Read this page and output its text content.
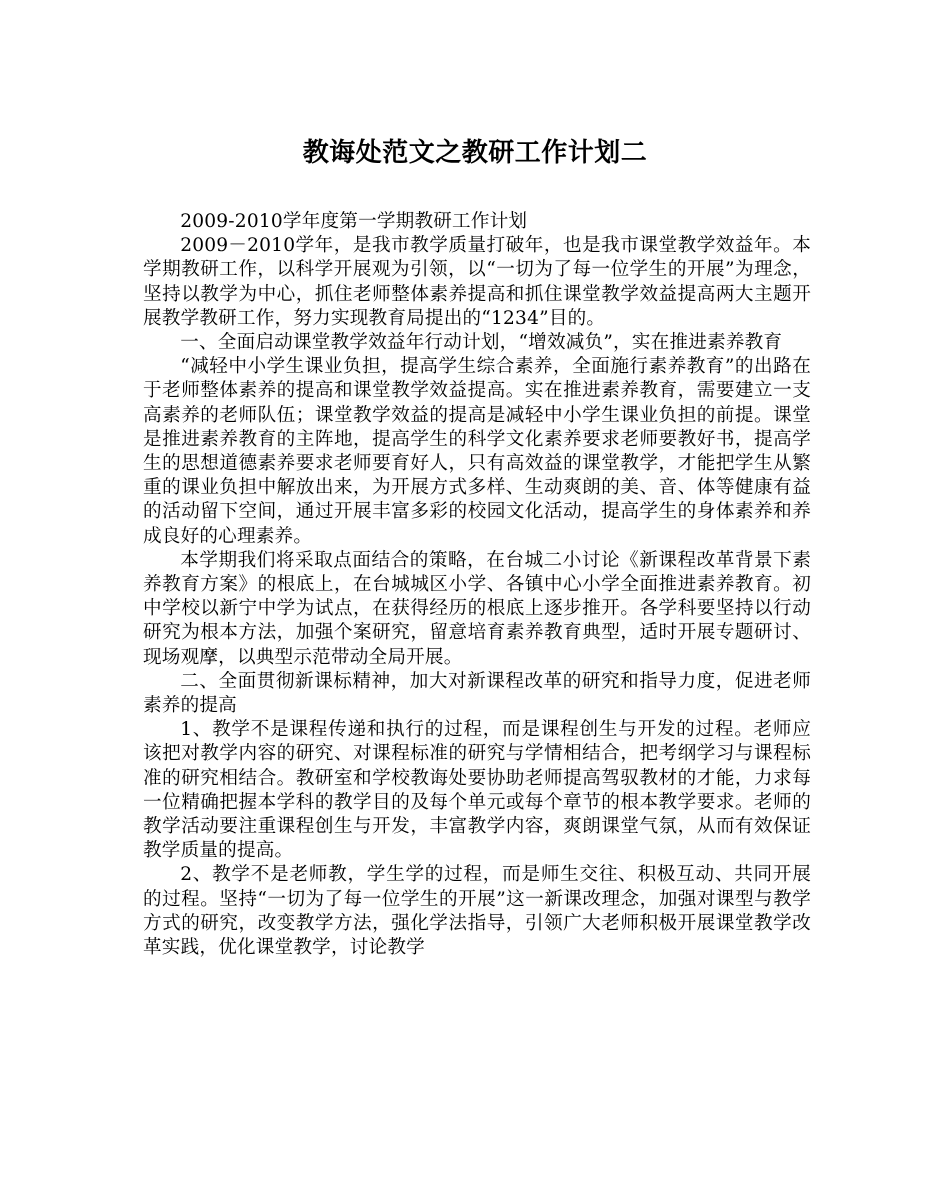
教诲处范文之教研工作计划二

2009-2010学年度第一学期教研工作计划

2009－2010学年，是我市教学质量打破年，也是我市课堂教学效益年。本学期教研工作，以科学开展观为引领，以“一切为了每一位学生的开展”为理念，坚持以教学为中心，抓住老师整体素养提高和抓住课堂教学效益提高两大主题开展教学教研工作，努力实现教育局提出的“1234”目的。

一、全面启动课堂教学效益年行动计划，“增效减负”，实在推进素养教育

“减轻中小学生课业负担，提高学生综合素养，全面施行素养教育”的出路在于老师整体素养的提高和课堂教学效益提高。实在推进素养教育，需要建立一支高素养的老师队伍；课堂教学效益的提高是减轻中小学生课业负担的前提。课堂是推进素养教育的主阵地，提高学生的科学文化素养要求老师要教好书，提高学生的思想道德素养要求老师要育好人，只有高效益的课堂教学，才能把学生从繁重的课业负担中解放出来，为开展方式多样、生动爽朗的美、音、体等健康有益的活动留下空间，通过开展丰富多彩的校园文化活动，提高学生的身体素养和养成良好的心理素养。

本学期我们将采取点面结合的策略，在台城二小讨论《新课程改革背景下素养教育方案》的根底上，在台城城区小学、各镇中心小学全面推进素养教育。初中学校以新宁中学为试点，在获得经历的根底上逐步推开。各学科要坚持以行动研究为根本方法，加强个案研究，留意培育素养教育典型，适时开展专题研讨、现场观摩，以典型示范带动全局开展。

二、全面贯彻新课标精神，加大对新课程改革的研究和指导力度，促进老师素养的提高

1、教学不是课程传递和执行的过程，而是课程创生与开发的过程。老师应该把对教学内容的研究、对课程标准的研究与学情相结合，把考纲学习与课程标准的研究相结合。教研室和学校教诲处要协助老师提高驾驭教材的才能，力求每一位精确把握本学科的教学目的及每个单元或每个章节的根本教学要求。老师的教学活动要注重课程创生与开发，丰富教学内容，爽朗课堂气氛，从而有效保证教学质量的提高。

2、教学不是老师教，学生学的过程，而是师生交往、积极互动、共同开展的过程。坚持“一切为了每一位学生的开展”这一新课改理念，加强对课型与教学方式的研究，改变教学方法，强化学法指导，引领广大老师积极开展课堂教学改革实践，优化课堂教学，讨论教学
